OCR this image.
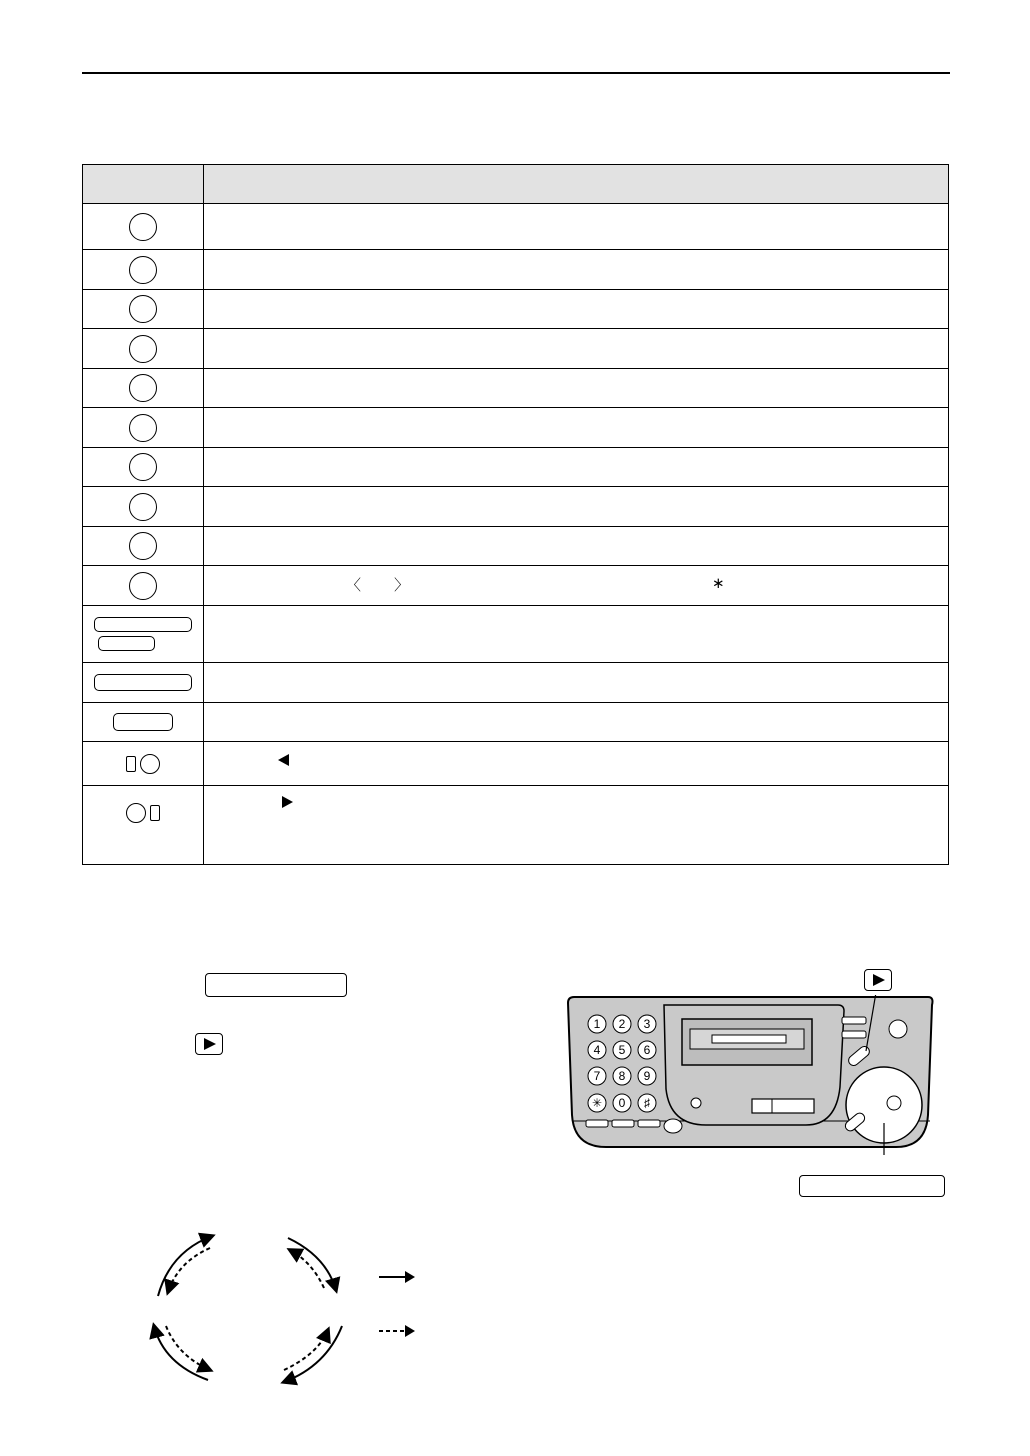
	〈 〉 ∗

1 2 3
4 5 6
7 8 9
✳ 0 ♯
